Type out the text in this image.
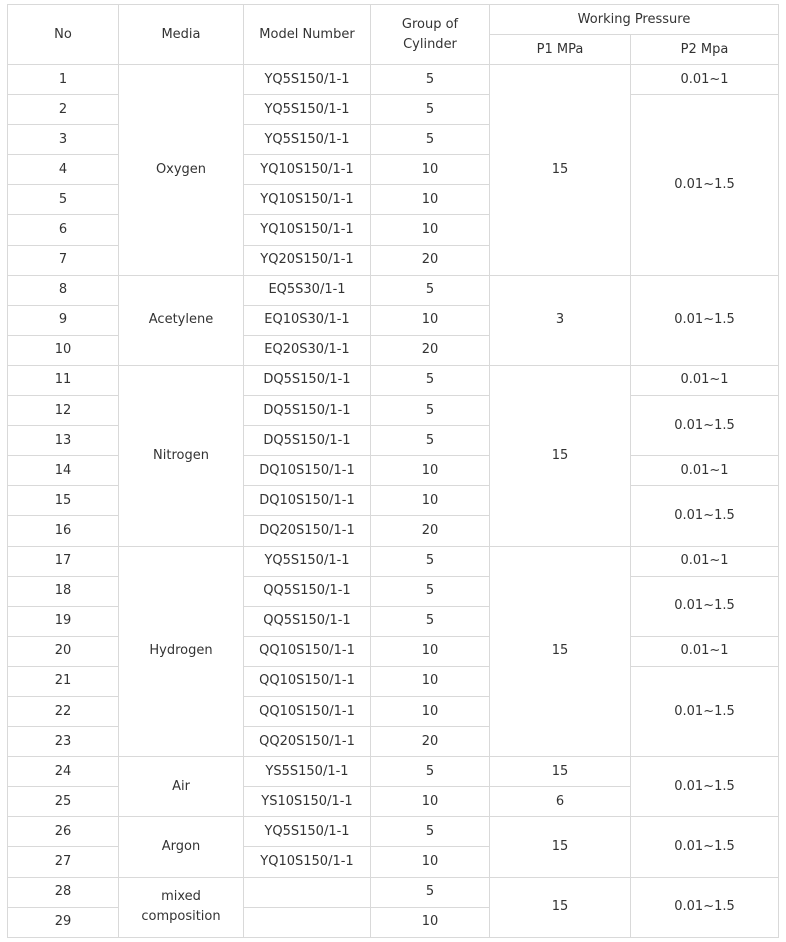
No	Media	Model Number	Group of Cylinder	Working Pressure	
				P1 MPa	P2 Mpa
1	Oxygen	YQ5S150/1-1	5	15	0.01~1
2		YQ5S150/1-1	5		0.01~1.5
3		YQ5S150/1-1	5		
4		YQ10S150/1-1	10		
5		YQ10S150/1-1	10		
6		YQ10S150/1-1	10		
7		YQ20S150/1-1	20		
8	Acetylene	EQ5S30/1-1	5	3	0.01~1.5
9		EQ10S30/1-1	10		
10		EQ20S30/1-1	20		
11	Nitrogen	DQ5S150/1-1	5	15	0.01~1
12		DQ5S150/1-1	5		0.01~1.5
13		DQ5S150/1-1	5		
14		DQ10S150/1-1	10		0.01~1
15		DQ10S150/1-1	10		0.01~1.5
16		DQ20S150/1-1	20		
17	Hydrogen	YQ5S150/1-1	5	15	0.01~1
18		QQ5S150/1-1	5		0.01~1.5
19		QQ5S150/1-1	5		
20		QQ10S150/1-1	10		0.01~1
21		QQ10S150/1-1	10		0.01~1.5
22		QQ10S150/1-1	10		
23		QQ20S150/1-1	20		
24	Air	YS5S150/1-1	5	15	0.01~1.5
25		YS10S150/1-1	10	6	
26	Argon	YQ5S150/1-1	5	15	0.01~1.5
27		YQ10S150/1-1	10		
28	mixed composition		5	15	0.01~1.5
29			10		
